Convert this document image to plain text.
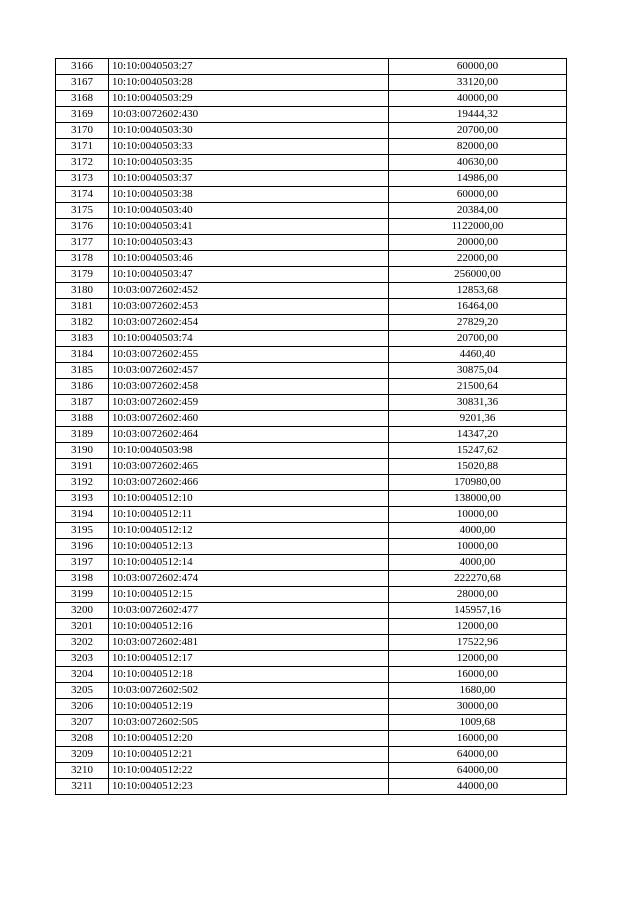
3166	10:10:0040503:27	60000,00
3167	10:10:0040503:28	33120,00
3168	10:10:0040503:29	40000,00
3169	10:03:0072602:430	19444,32
3170	10:10:0040503:30	20700,00
3171	10:10:0040503:33	82000,00
3172	10:10:0040503:35	40630,00
3173	10:10:0040503:37	14986,00
3174	10:10:0040503:38	60000,00
3175	10:10:0040503:40	20384,00
3176	10:10:0040503:41	1122000,00
3177	10:10:0040503:43	20000,00
3178	10:10:0040503:46	22000,00
3179	10:10:0040503:47	256000,00
3180	10:03:0072602:452	12853,68
3181	10:03:0072602:453	16464,00
3182	10:03:0072602:454	27829,20
3183	10:10:0040503:74	20700,00
3184	10:03:0072602:455	4460,40
3185	10:03:0072602:457	30875,04
3186	10:03:0072602:458	21500,64
3187	10:03:0072602:459	30831,36
3188	10:03:0072602:460	9201,36
3189	10:03:0072602:464	14347,20
3190	10:10:0040503:98	15247,62
3191	10:03:0072602:465	15020,88
3192	10:03:0072602:466	170980,00
3193	10:10:0040512:10	138000,00
3194	10:10:0040512:11	10000,00
3195	10:10:0040512:12	4000,00
3196	10:10:0040512:13	10000,00
3197	10:10:0040512:14	4000,00
3198	10:03:0072602:474	222270,68
3199	10:10:0040512:15	28000,00
3200	10:03:0072602:477	145957,16
3201	10:10:0040512:16	12000,00
3202	10:03:0072602:481	17522,96
3203	10:10:0040512:17	12000,00
3204	10:10:0040512:18	16000,00
3205	10:03:0072602:502	1680,00
3206	10:10:0040512:19	30000,00
3207	10:03:0072602:505	1009,68
3208	10:10:0040512:20	16000,00
3209	10:10:0040512:21	64000,00
3210	10:10:0040512:22	64000,00
3211	10:10:0040512:23	44000,00
